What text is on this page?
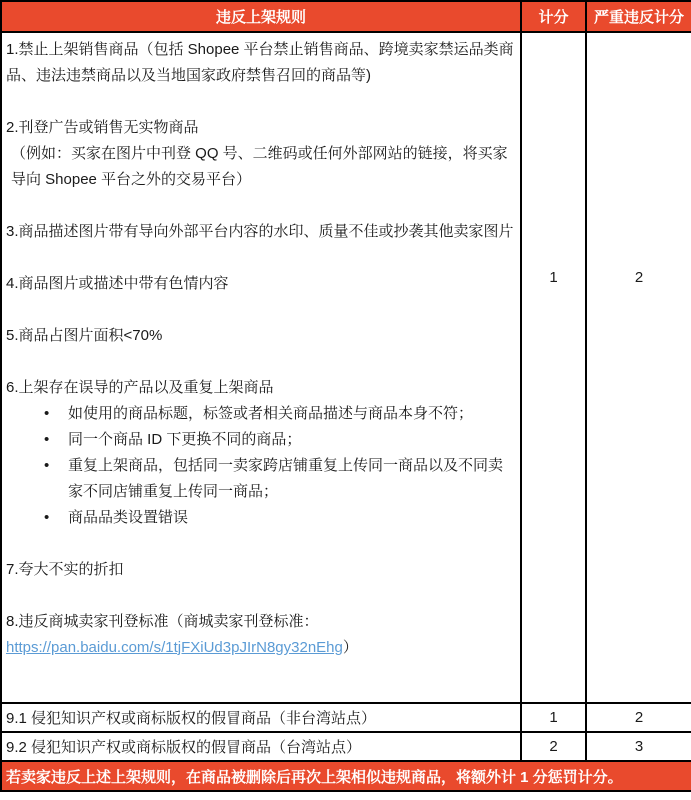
违反上架规则	计分	严重违反计分

1.禁止上架销售商品（包括 Shopee 平台禁止销售商品、跨境卖家禁运品类商品、违法违禁商品以及当地国家政府禁售召回的商品等)

2.刊登广告或销售无实物商品

（例如：买家在图片中刊登 QQ 号、二维码或任何外部网站的链接，将买家导向 Shopee 平台之外的交易平台）

3.商品描述图片带有导向外部平台内容的水印、质量不佳或抄袭其他卖家图片

4.商品图片或描述中带有色情内容

5.商品占图片面积<70%

6.上架存在误导的产品以及重复上架商品

• 如使用的商品标题，标签或者相关商品描述与商品本身不符；
• 同一个商品 ID 下更换不同的商品；
• 重复上架商品，包括同一卖家跨店铺重复上传同一商品以及不同卖家不同店铺重复上传同一商品；
• 商品品类设置错误

7.夸大不实的折扣

8.违反商城卖家刊登标准（商城卖家刊登标准：

https://pan.baidu.com/s/1tjFXiUd3pJIrN8gy32nEhg）

	1	2
9.1 侵犯知识产权或商标版权的假冒商品（非台湾站点）	1	2
9.2 侵犯知识产权或商标版权的假冒商品（台湾站点）	2	3
若卖家违反上述上架规则，在商品被删除后再次上架相似违规商品，将额外计 1 分惩罚计分。		
